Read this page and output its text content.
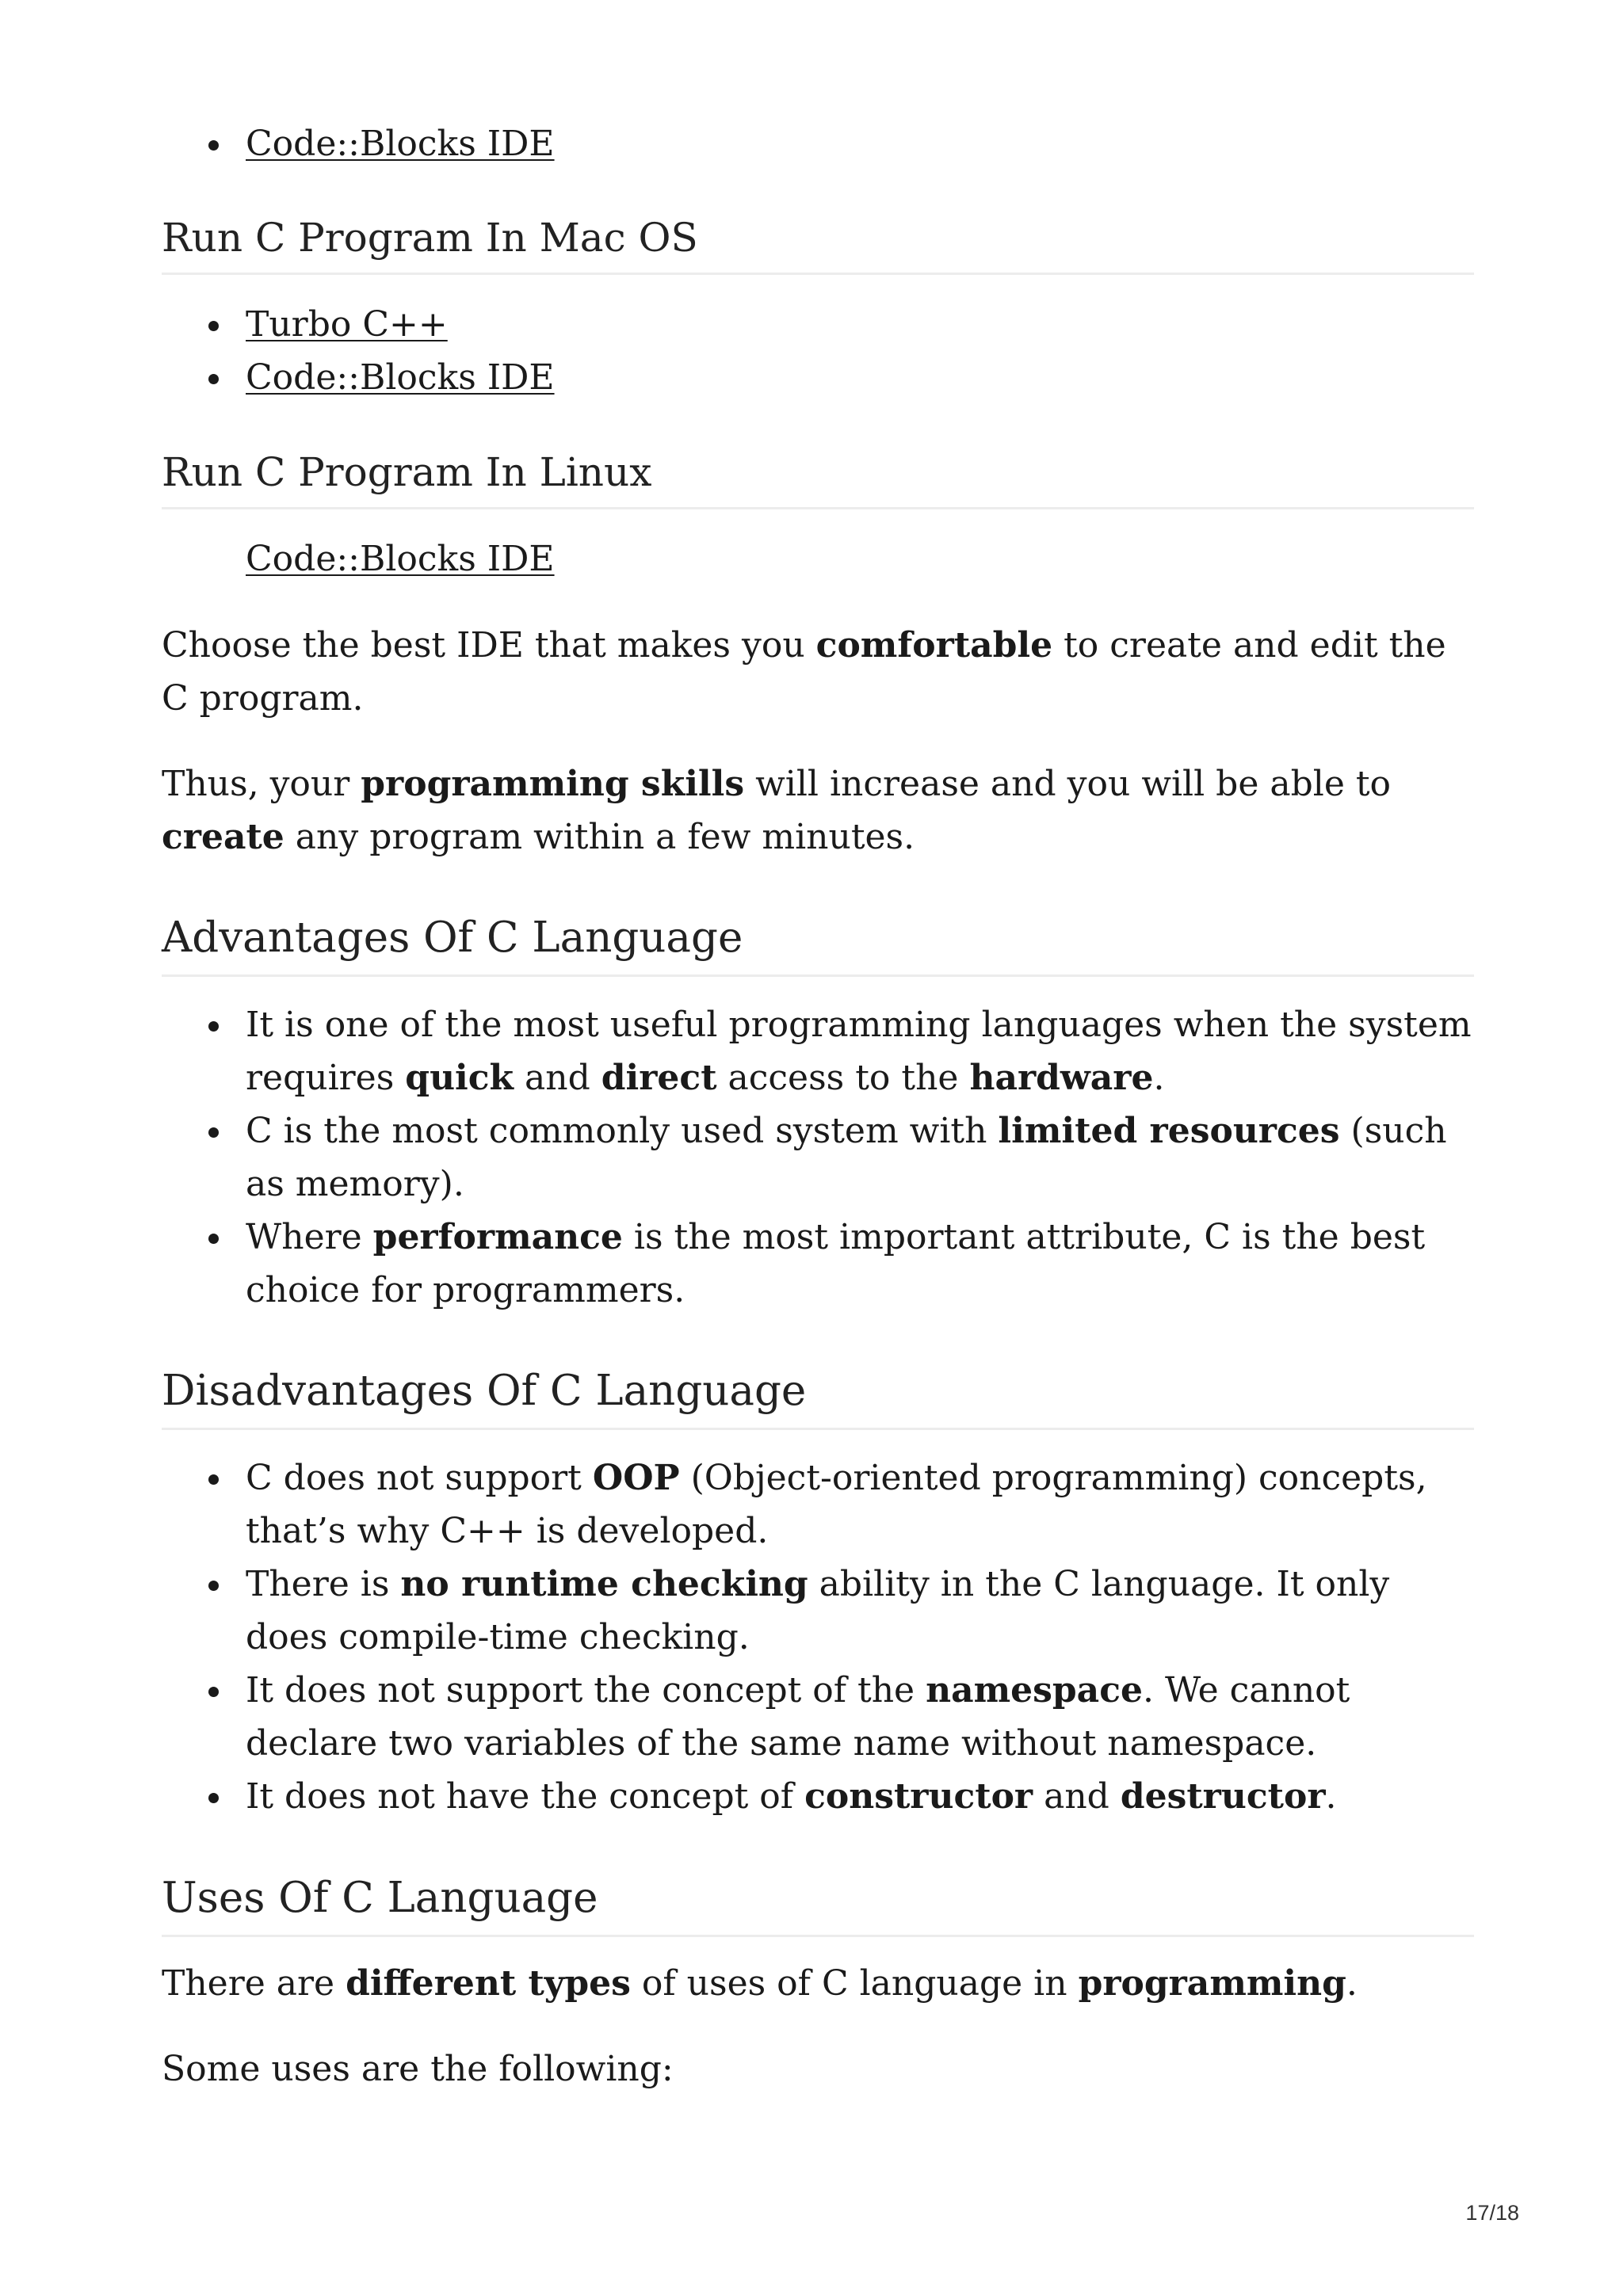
Code::Blocks IDE
Run C Program In Mac OS
Turbo C++
Code::Blocks IDE
Run C Program In Linux
Code::Blocks IDE

Choose the best IDE that makes you comfortable to create and edit the C program.

Thus, your programming skills will increase and you will be able to create any program within a few minutes.

Advantages Of C Language
It is one of the most useful programming languages when the system requires quick and direct access to the hardware.
C is the most commonly used system with limited resources (such as memory).
Where performance is the most important attribute, C is the best choice for programmers.
Disadvantages Of C Language
C does not support OOP (Object-oriented programming) concepts, that’s why C++ is developed.
There is no runtime checking ability in the C language. It only does compile-time checking.
It does not support the concept of the namespace. We cannot declare two variables of the same name without namespace.
It does not have the concept of constructor and destructor.
Uses Of C Language

There are different types of uses of C language in programming.

Some uses are the following:

17/18
